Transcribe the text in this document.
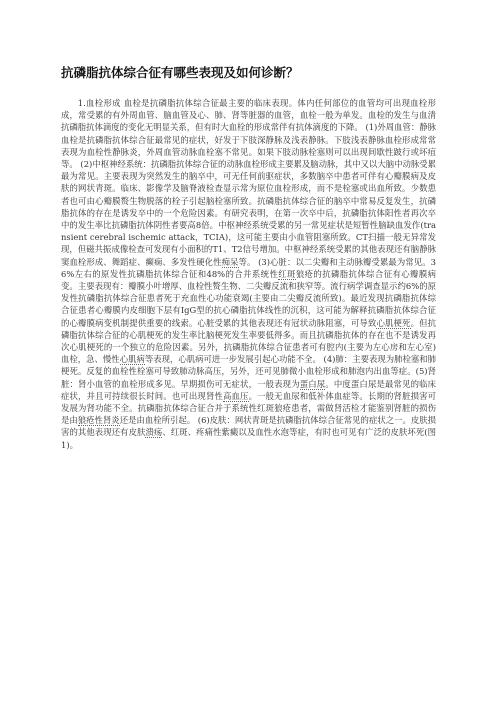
抗磷脂抗体综合征有哪些表现及如何诊断？
1.血栓形成 血栓是抗磷脂抗体综合征最主要的临床表现。体内任何部位的血管均可出现血栓形成，常受累的有外周血管、脑血管及心、肺、肾等脏器的血管，血栓一般为单发。血栓的发生与血清抗磷脂抗体滴度的变化无明显关系，但有时大血栓的形成常伴有抗体滴度的下降。 (1)外周血管：静脉血栓是抗磷脂抗体综合征最常见的症状，好发于下肢深静脉及浅表静脉。下肢浅表静脉血栓形成常常表现为血栓性静脉炎，外周血管动脉血栓塞不常见。如果下肢动脉栓塞则可以出现间歇性跛行或坏疽等。 (2)中枢神经系统：抗磷脂抗体综合征的动脉血栓形成主要累及脑动脉，其中又以大脑中动脉受累最为常见。主要表现为突然发生的脑卒中，可无任何前驱症状，多数脑卒中患者可伴有心瓣膜病及皮肤的网状青斑。临床、影像学及脑脊液检查显示常为原位血栓形成，而不是栓塞或出血所致。少数患者也可由心瓣膜赘生物脱落的栓子引起脑栓塞所致。抗磷脂抗体综合征的脑卒中常易反复发生，抗磷脂抗体的存在是诱发卒中的一个危险因素。有研究表明，在第一次卒中后，抗磷脂抗体阳性者再次卒中的发生率比抗磷脂抗体阴性者要高8倍。中枢神经系统受累的另一常见症状是短暂性脑缺血发作(transient cerebral ischemic attack，TCIA)，这可能主要由小血管阻塞所致。CT扫描一般无异常发现，但磁共振成像检查可发现有小面积的T1、T2信号增加。中枢神经系统受累的其他表现还有脑静脉窦血栓形成、舞蹈症、癫痫、多发性硬化性痴呆等。 (3)心脏：以二尖瓣和主动脉瓣受累最为常见。36%左右的原发性抗磷脂抗体综合征和48%的合并系统性红斑狼疮的抗磷脂抗体综合征有心瓣膜病变。主要表现有：瓣膜小叶增厚、血栓性赘生物、二尖瓣反流和狭窄等。流行病学调查显示约6%的原发性抗磷脂抗体综合征患者死于充血性心功能衰竭(主要由二尖瓣反流所致)。最近发现抗磷脂抗体综合征患者心瓣膜内皮细胞下层有IgG型的抗心磷脂抗体线性的沉积，这可能为解释抗磷脂抗体综合征的心瓣膜病变机制提供重要的线索。心脏受累的其他表现还有冠状动脉阻塞，可导致心肌梗死。但抗磷脂抗体综合征的心肌梗死的发生率比脑梗死发生率要低得多。而且抗磷脂抗体的存在也不是诱发再次心肌梗死的一个独立的危险因素。另外，抗磷脂抗体综合征患者可有腔内(主要为左心房和左心室)血栓，急、慢性心肌病等表现，心肌病可进一步发展引起心功能不全。 (4)肺：主要表现为肺栓塞和肺梗死。反复的血栓性栓塞可导致肺动脉高压，另外，还可见肺微小血栓形成和肺泡内出血等症。(5)肾脏：肾小血管的血栓形成多见。早期损伤可无症状，一般表现为蛋白尿。中度蛋白尿是最常见的临床症状，并且可持续很长时间。也可出现肾性高血压。一般无血尿和低补体血症等。长期的肾脏损害可发展为肾功能不全。抗磷脂抗体综合征合并于系统性红斑狼疮患者，需做肾活检才能鉴别肾脏的损伤是由狼疮性肾炎还是由血栓所引起。 (6)皮肤：网状青斑是抗磷脂抗体综合征常见的症状之一。皮肤损害的其他表现还有皮肤溃疡、红斑、疼痛性紫癜以及血性水泡等症，有时也可见有广泛的皮肤坏死(图1)。
